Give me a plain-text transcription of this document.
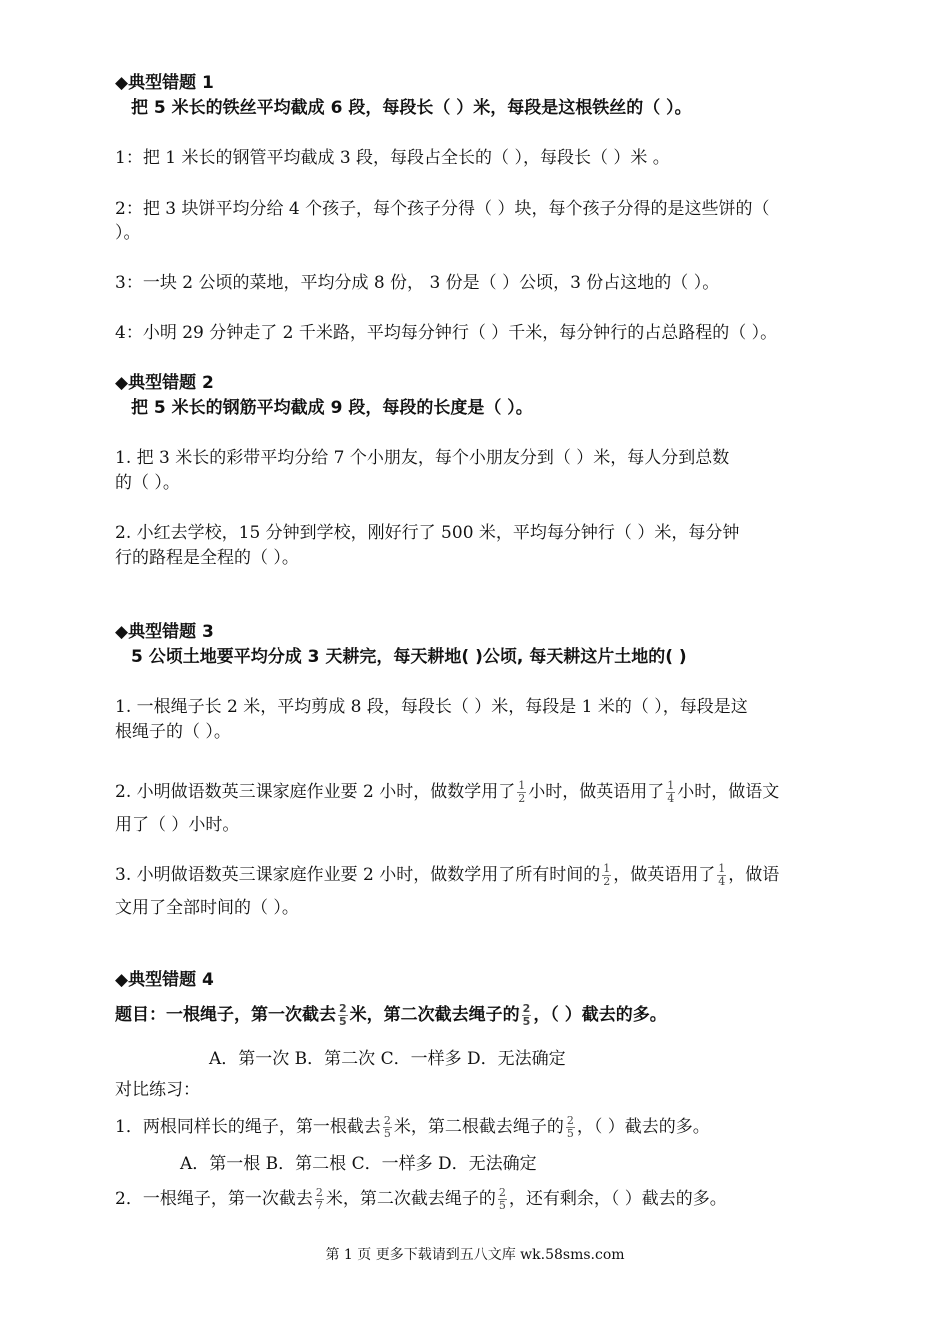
◆典型错题 1
把 5 米长的铁丝平均截成 6 段，每段长（ ）米，每段是这根铁丝的（ ）。
1：把 1 米长的钢管平均截成 3 段，每段占全长的（ ），每段长（ ）米 。
2：把 3 块饼平均分给 4 个孩子，每个孩子分得（ ）块，每个孩子分得的是这些饼的（
）。
3：一块 2 公顷的菜地，平均分成 8 份， 3 份是（ ）公顷，3 份占这地的（ ）。
4：小明 29 分钟走了 2 千米路，平均每分钟行（ ）千米，每分钟行的占总路程的（ ）。
◆典型错题 2
把 5 米长的钢筋平均截成 9 段，每段的长度是（ ）。
1. 把 3 米长的彩带平均分给 7 个小朋友，每个小朋友分到（ ）米，每人分到总数
的（ ）。
2. 小红去学校，15 分钟到学校，刚好行了 500 米，平均每分钟行（ ）米，每分钟
行的路程是全程的（ ）。
◆典型错题 3
5 公顷土地要平均分成 3 天耕完，每天耕地( )公顷, 每天耕这片土地的( )
1. 一根绳子长 2 米，平均剪成 8 段，每段长（ ）米，每段是 1 米的（ ），每段是这
根绳子的（ ）。
2. 小明做语数英三课家庭作业要 2 小时，做数学用了 $\frac{1}{2}$ 小时，做英语用了 $\frac{1}{4}$ 小时，做语文
用了（ ）小时。
3. 小明做语数英三课家庭作业要 2 小时，做数学用了所有时间的 $\frac{1}{2}$ ，做英语用了 $\frac{1}{4}$ ，做语
文用了全部时间的（ ）。
◆典型错题 4
题目：一根绳子，第一次截去 $\frac{2}{5}$ 米，第二次截去绳子的 $\frac{2}{5}$ ，（ ）截去的多。
A．第一次 B．第二次 C．一样多 D．无法确定
对比练习：
1．两根同样长的绳子，第一根截去 $\frac{2}{5}$ 米，第二根截去绳子的 $\frac{2}{5}$ ，（ ）截去的多。
A．第一根 B．第二根 C．一样多 D．无法确定
2．一根绳子，第一次截去 $\frac{2}{7}$ 米，第二次截去绳子的 $\frac{2}{5}$ ，还有剩余，（ ）截去的多。
第 1 页 更多下载请到五八文库 wk.58sms.com
